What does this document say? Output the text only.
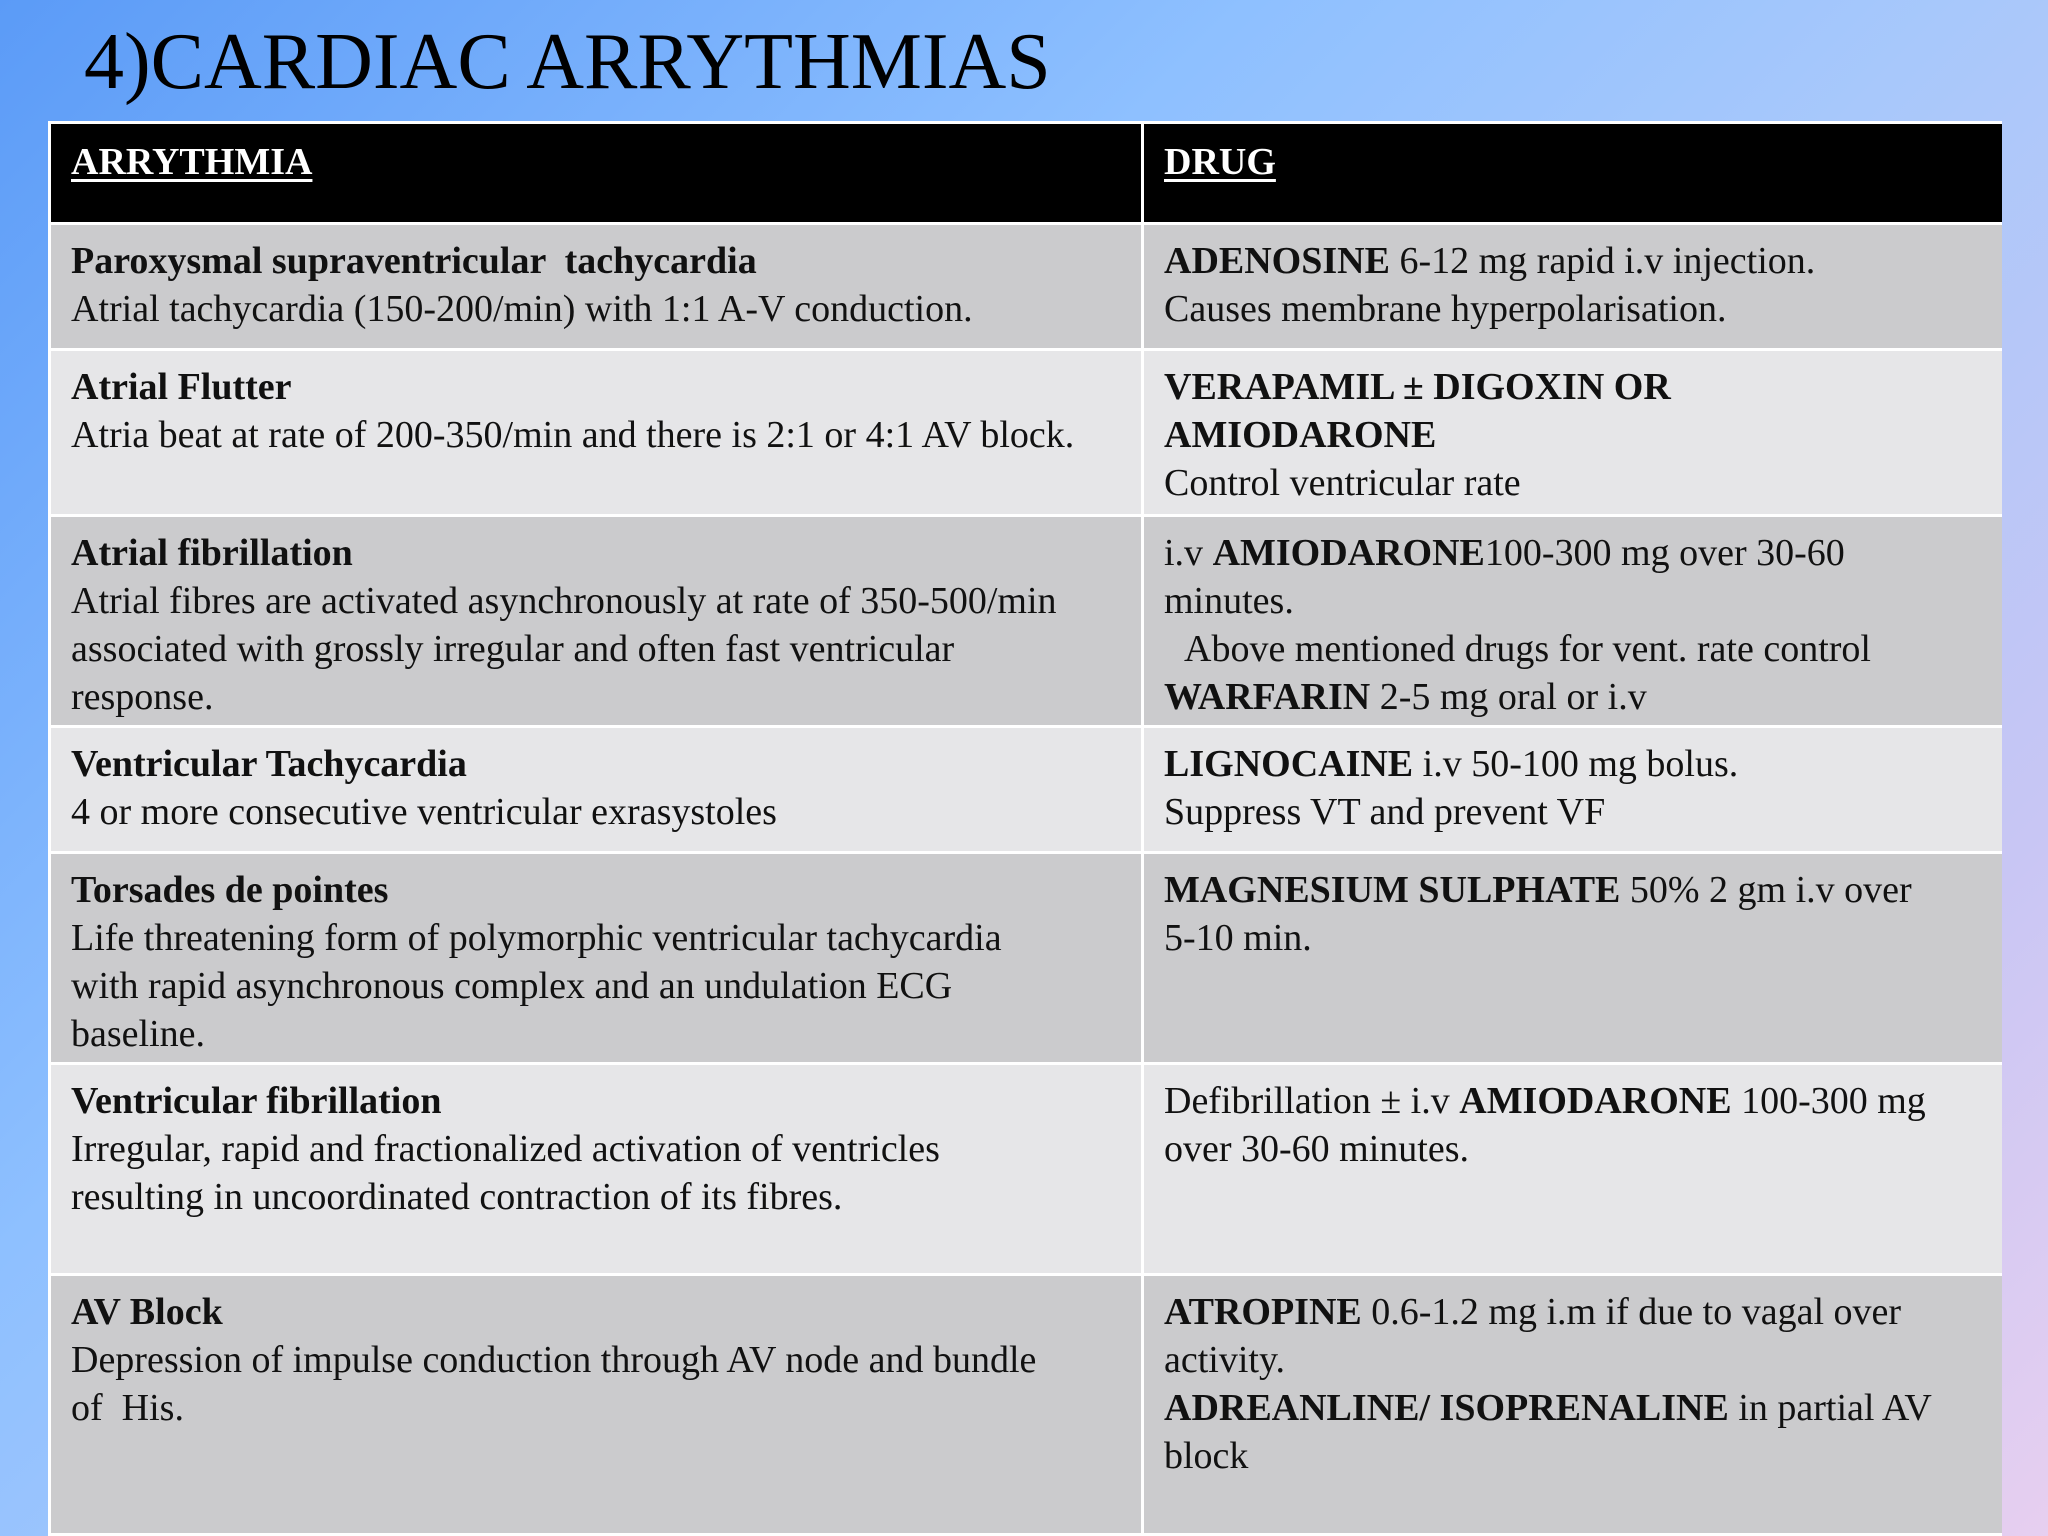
4)CARDIAC ARRYTHMIAS
ARRYTHMIA	DRUG

Paroxysmal supraventricular  tachycardia
Atrial tachycardia (150-200/min) with 1:1 A-V conduction.	ADENOSINE 6-12 mg rapid i.v injection.
Causes membrane hyperpolarisation.

Atrial Flutter
Atria beat at rate of 200-350/min and there is 2:1 or 4:1 AV block.	VERAPAMIL ± DIGOXIN OR
AMIODARONE
Control ventricular rate

Atrial fibrillation
Atrial fibres are activated asynchronously at rate of 350-500/min
associated with grossly irregular and often fast ventricular
response.	i.v AMIODARONE100-300 mg over 30-60
minutes.
Above mentioned drugs for vent. rate control
WARFARIN 2-5 mg oral or i.v

Ventricular Tachycardia
4 or more consecutive ventricular exrasystoles	LIGNOCAINE i.v 50-100 mg bolus.
Suppress VT and prevent VF

Torsades de pointes
Life threatening form of polymorphic ventricular tachycardia
with rapid asynchronous complex and an undulation ECG
baseline.	MAGNESIUM SULPHATE 50% 2 gm i.v over
5-10 min.

Ventricular fibrillation
Irregular, rapid and fractionalized activation of ventricles
resulting in uncoordinated contraction of its fibres.	Defibrillation ± i.v AMIODARONE 100-300 mg
over 30-60 minutes.

AV Block
Depression of impulse conduction through AV node and bundle
of  His.	ATROPINE 0.6-1.2 mg i.m if due to vagal over
activity.
ADREANLINE/ ISOPRENALINE in partial AV
block
